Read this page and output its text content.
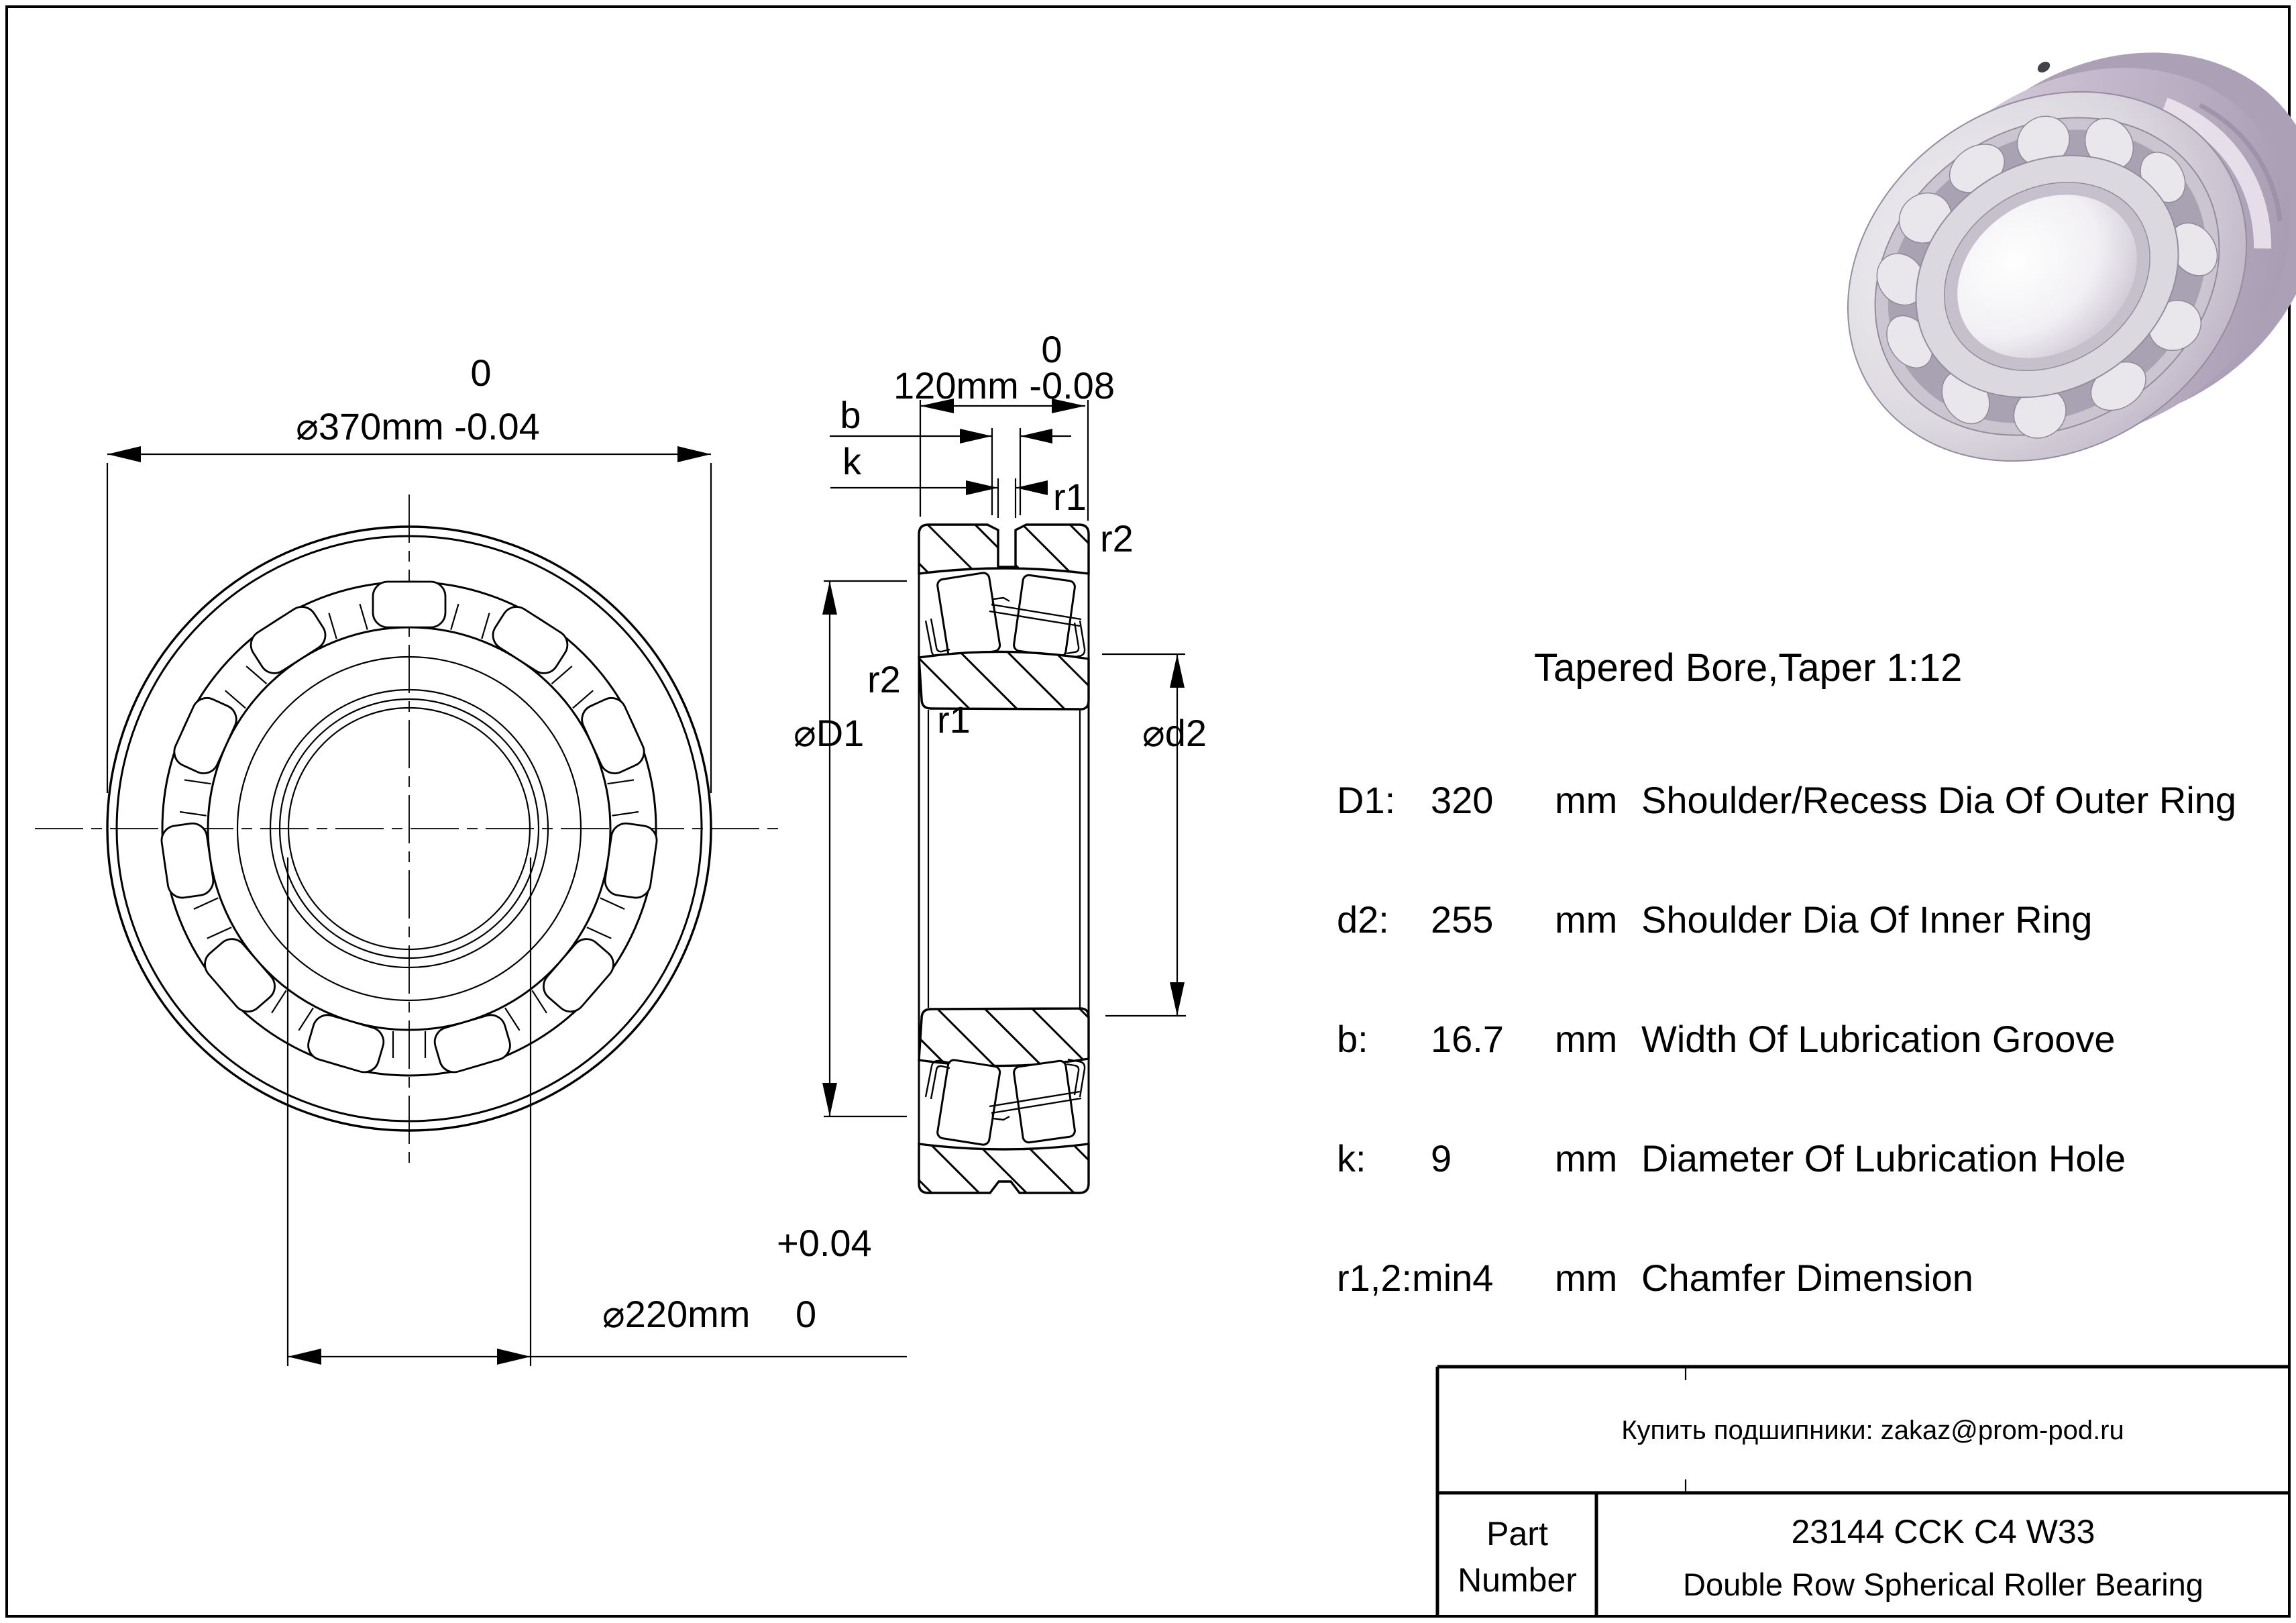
0
⌀370mm -0.04
⌀220mm
+0.04
0
0
120mm -0.08
b
k
r1
r2
r2
r1
⌀D1	⌀d2
Tapered Bore,Taper 1:12
D1: 320 mm Shoulder/Recess Dia Of Outer Ring
d2: 255 mm Shoulder Dia Of Inner Ring
b: 16.7 mm Width Of Lubrication Groove
k: 9	mm Diameter Of Lubrication Hole
r1,2:min4 mm Chamfer Dimension
Купить подшипники: zakaz@prom-pod.ru
Part
Number
23144 CCK C4 W33
Double Row Spherical Roller Bearing
